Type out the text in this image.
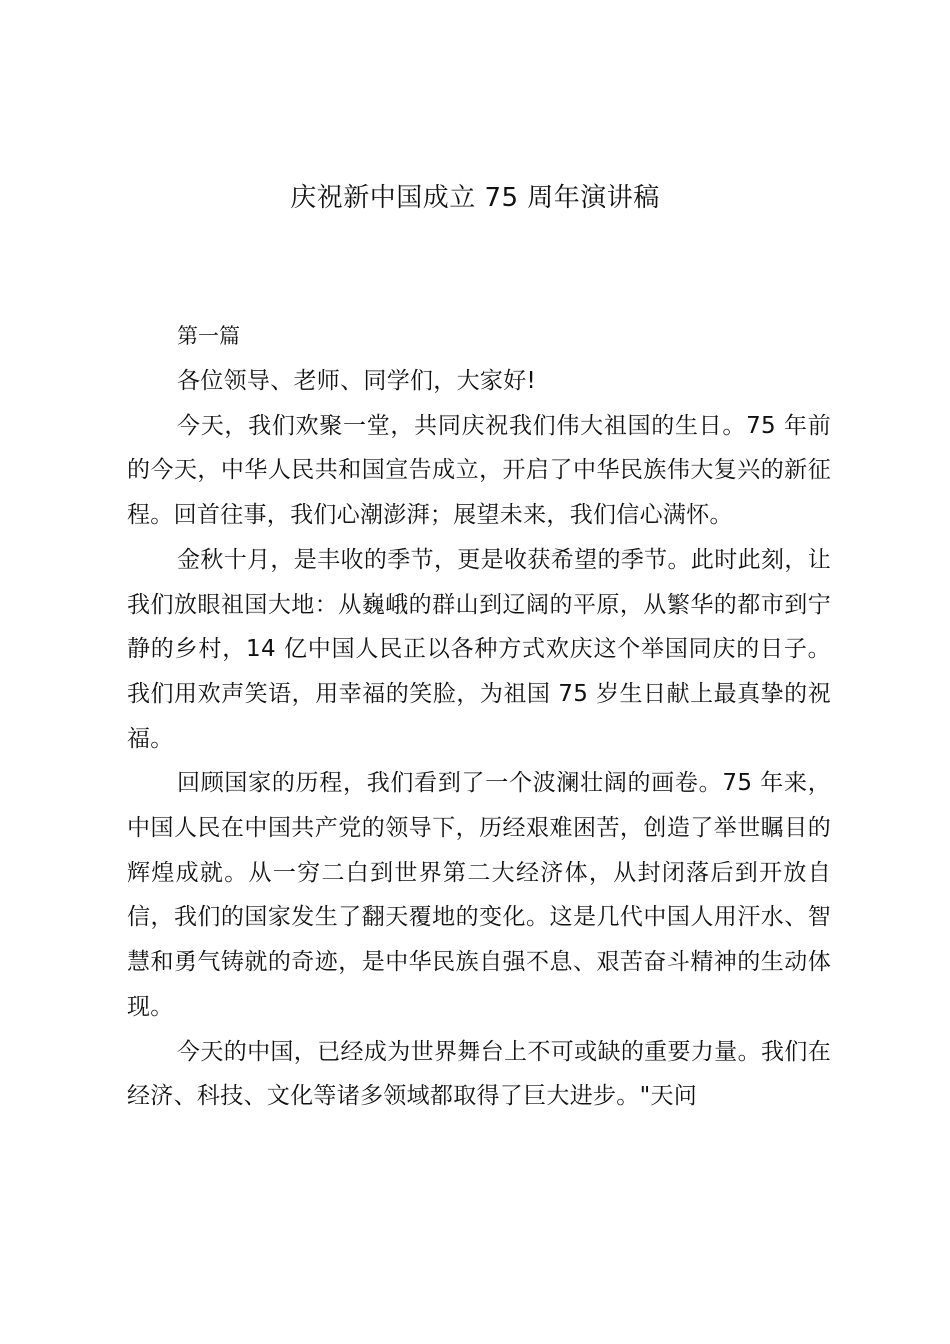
庆祝新中国成立 75 周年演讲稿

第一篇

各位领导、老师、同学们，大家好!

今天，我们欢聚一堂，共同庆祝我们伟大祖国的生日。75 年前的今天，中华人民共和国宣告成立，开启了中华民族伟大复兴的新征程。回首往事，我们心潮澎湃；展望未来，我们信心满怀。

金秋十月，是丰收的季节，更是收获希望的季节。此时此刻，让我们放眼祖国大地：从巍峨的群山到辽阔的平原，从繁华的都市到宁静的乡村，14 亿中国人民正以各种方式欢庆这个举国同庆的日子。我们用欢声笑语，用幸福的笑脸，为祖国 75 岁生日献上最真挚的祝福。

回顾国家的历程，我们看到了一个波澜壮阔的画卷。75 年来，中国人民在中国共产党的领导下，历经艰难困苦，创造了举世瞩目的辉煌成就。从一穷二白到世界第二大经济体，从封闭落后到开放自信，我们的国家发生了翻天覆地的变化。这是几代中国人用汗水、智慧和勇气铸就的奇迹，是中华民族自强不息、艰苦奋斗精神的生动体现。

今天的中国，已经成为世界舞台上不可或缺的重要力量。我们在经济、科技、文化等诸多领域都取得了巨大进步。"天问
